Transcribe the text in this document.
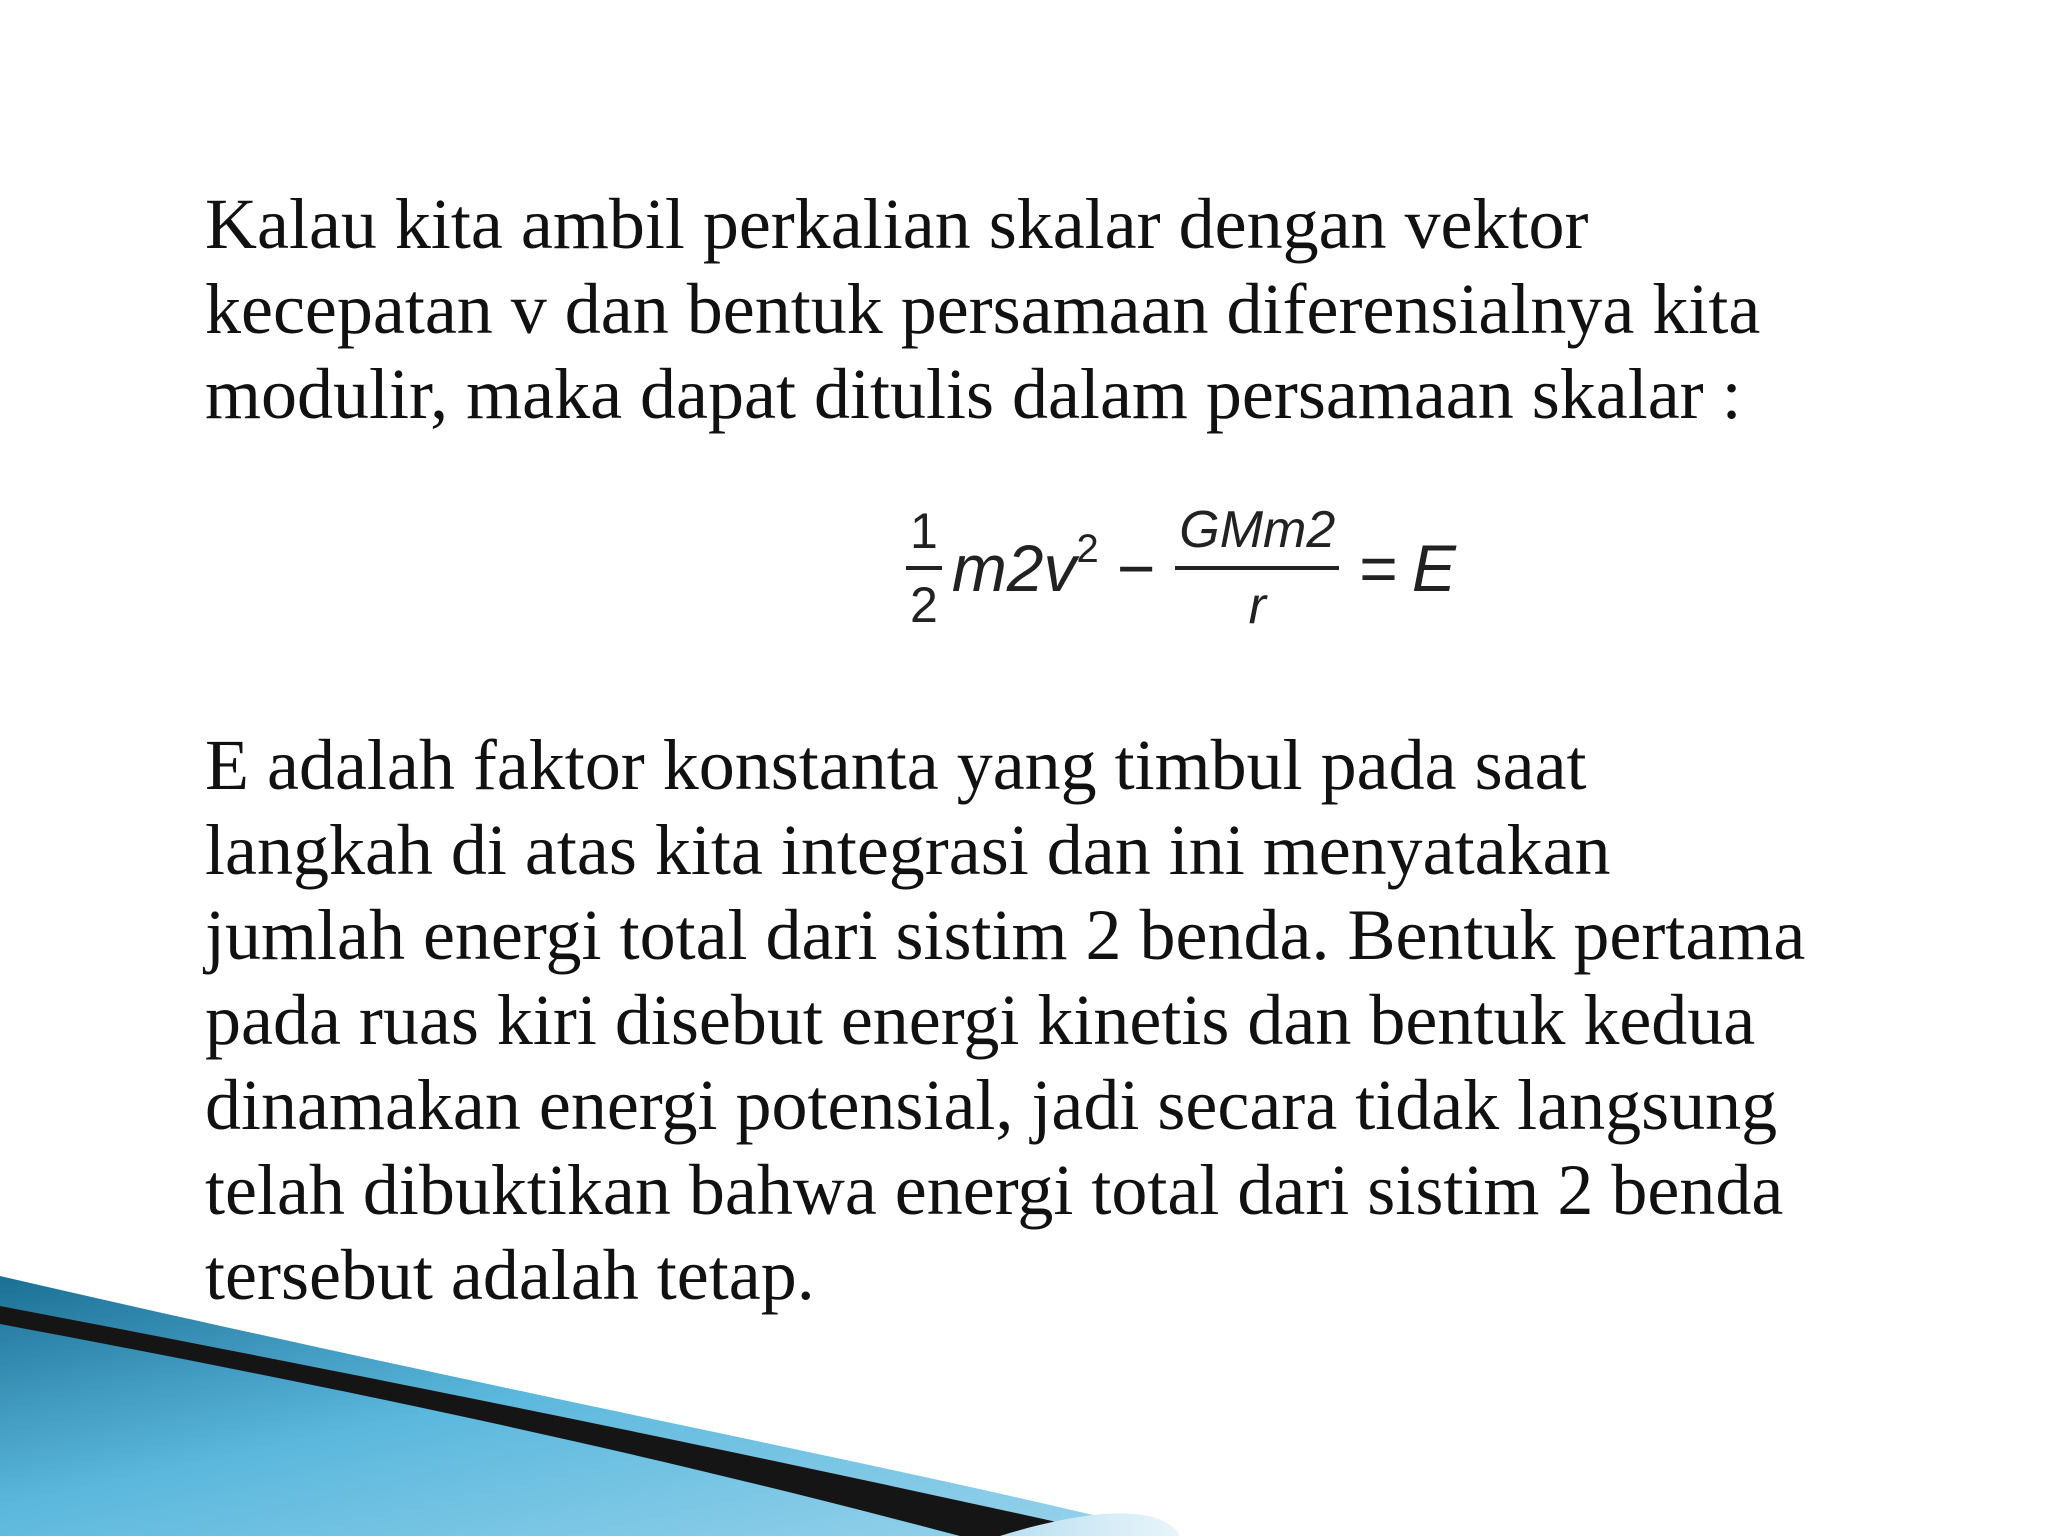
Kalau kita ambil perkalian skalar dengan vektor
kecepatan v dan bentuk persamaan diferensialnya kita
modulir, maka dapat ditulis dalam persamaan skalar :

$\frac{1}{2} m2v^2 - \frac{\text{GMm2}}{r} = E$

E adalah faktor konstanta yang timbul pada saat
langkah di atas kita integrasi dan ini menyatakan
jumlah energi total dari sistim 2 benda. Bentuk pertama
pada ruas kiri disebut energi kinetis dan bentuk kedua
dinamakan energi potensial, jadi secara tidak langsung
telah dibuktikan bahwa energi total dari sistim 2 benda
tersebut adalah tetap.
